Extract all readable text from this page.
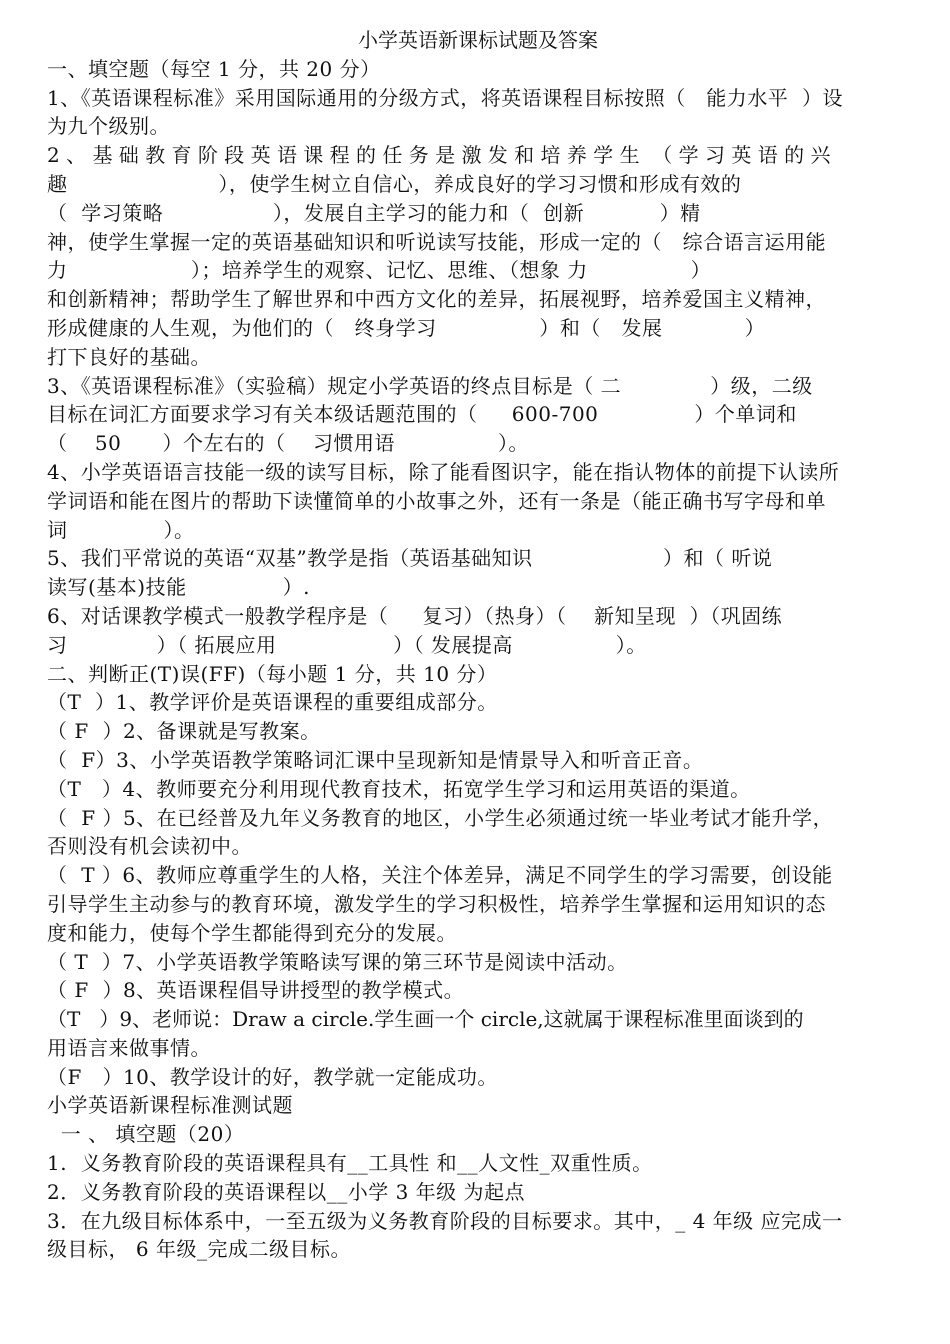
小学英语新课标试题及答案
一、填空题（每空 1 分，共 20 分）
1、《英语课程标准》采用国际通用的分级方式，将英语课程目标按照（   能力水平  ）设
为九个级别。
2 、 基 础 教 育 阶 段 英 语 课 程 的 任 务 是 激 发 和 培 养 学 生  （ 学 习 英 语 的 兴
趣                      ），使学生树立自信心，养成良好的学习习惯和形成有效的
（  学习策略                ），发展自主学习的能力和（  创新           ）精
神，使学生掌握一定的英语基础知识和听说读写技能，形成一定的（   综合语言运用能
力                  ）；培养学生的观察、记忆、思维、（想象 力               ）
和创新精神；帮助学生了解世界和中西方文化的差异，拓展视野，培养爱国主义精神，
形成健康的人生观，为他们的（   终身学习               ）和（   发展            ）
打下良好的基础。
3、《英语课程标准》（实验稿）规定小学英语的终点目标是（ 二             ）级，二级
目标在词汇方面要求学习有关本级话题范围的（     600-700              ）个单词和
（    50      ）个左右的（    习惯用语               ）。
4、小学英语语言技能一级的读写目标，除了能看图识字，能在指认物体的前提下认读所
学词语和能在图片的帮助下读懂简单的小故事之外，还有一条是（能正确书写字母和单
词              ）。
5、我们平常说的英语“双基”教学是指（英语基础知识                   ）和（ 听说
读写(基本)技能              ）.
6、对话课教学模式一般教学程序是（     复习）（热身）（    新知呈现  ）（巩固练
习             ）（ 拓展应用                 ）（ 发展提高               ）。
二、判断正(T)误(FF)（每小题 1 分，共 10 分）
（T  ）1、教学评价是英语课程的重要组成部分。
（ F  ）2、备课就是写教案。
（  F）3、小学英语教学策略词汇课中呈现新知是情景导入和听音正音。
（T   ）4、教师要充分利用现代教育技术，拓宽学生学习和运用英语的渠道。
（  F ）5、在已经普及九年义务教育的地区，小学生必须通过统一毕业考试才能升学，
否则没有机会读初中。
（  T ）6、教师应尊重学生的人格，关注个体差异，满足不同学生的学习需要，创设能
引导学生主动参与的教育环境，激发学生的学习积极性，培养学生掌握和运用知识的态
度和能力，使每个学生都能得到充分的发展。
（ T  ）7、小学英语教学策略读写课的第三环节是阅读中活动。
（ F  ）8、英语课程倡导讲授型的教学模式。
（T   ）9、老师说：Draw a circle.学生画一个 circle,这就属于课程标准里面谈到的
用语言来做事情。
（F   ）10、教学设计的好，教学就一定能成功。
小学英语新课程标准测试题
一 、 填空题（20）
1.  义务教育阶段的英语课程具有__工具性 和__人文性_双重性质。
2．义务教育阶段的英语课程以__小学 3 年级 为起点
3．在九级目标体系中，一至五级为义务教育阶段的目标要求。其中，_ 4 年级 应完成一
级目标， 6 年级_完成二级目标。
